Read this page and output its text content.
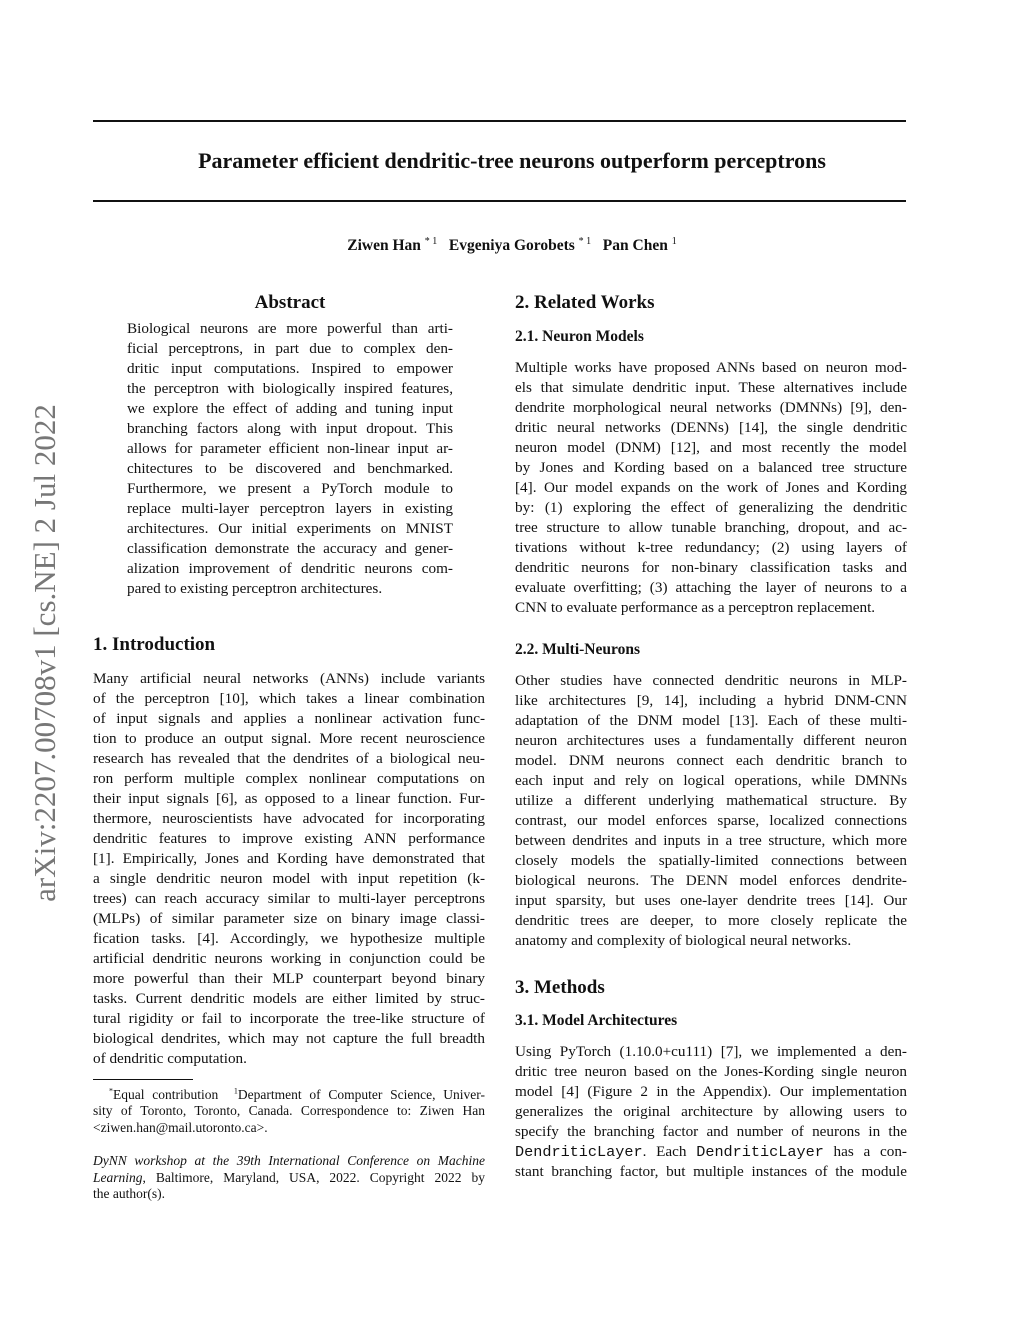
arXiv:2207.00708v1 [cs.NE] 2 Jul 2022
Parameter efficient dendritic-tree neurons outperform perceptrons
Ziwen Han $^{* 1}$ Evgeniya Gorobets $^{* 1}$ Pan Chen $^1$
Abstract
Biological neurons are more powerful than arti-
ficial perceptrons, in part due to complex den-
dritic input computations. Inspired to empower
the perceptron with biologically inspired features,
we explore the effect of adding and tuning input
branching factors along with input dropout. This
allows for parameter efficient non-linear input ar-
chitectures to be discovered and benchmarked.
Furthermore, we present a PyTorch module to
replace multi-layer perceptron layers in existing
architectures. Our initial experiments on MNIST
classification demonstrate the accuracy and gener-
alization improvement of dendritic neurons com-
pared to existing perceptron architectures.
1. Introduction
Many artificial neural networks (ANNs) include variants
of the perceptron [10], which takes a linear combination
of input signals and applies a nonlinear activation func-
tion to produce an output signal. More recent neuroscience
research has revealed that the dendrites of a biological neu-
ron perform multiple complex nonlinear computations on
their input signals [6], as opposed to a linear function. Fur-
thermore, neuroscientists have advocated for incorporating
dendritic features to improve existing ANN performance
[1]. Empirically, Jones and Kording have demonstrated that
a single dendritic neuron model with input repetition (k-
trees) can reach accuracy similar to multi-layer perceptrons
(MLPs) of similar parameter size on binary image classi-
fication tasks. [4]. Accordingly, we hypothesize multiple
artificial dendritic neurons working in conjunction could be
more powerful than their MLP counterpart beyond binary
tasks. Current dendritic models are either limited by struc-
tural rigidity or fail to incorporate the tree-like structure of
biological dendrites, which may not capture the full breadth
of dendritic computation.
*Equal contribution $^1$Department of Computer Science, Univer-
sity of Toronto, Toronto, Canada. Correspondence to: Ziwen Han
<ziwen.han@mail.utoronto.ca>.
DyNN workshop at the 39th International Conference on Machine
Learning, Baltimore, Maryland, USA, 2022. Copyright 2022 by
the author(s).
2. Related Works
2.1. Neuron Models
Multiple works have proposed ANNs based on neuron mod-
els that simulate dendritic input. These alternatives include
dendrite morphological neural networks (DMNNs) [9], den-
dritic neural networks (DENNs) [14], the single dendritic
neuron model (DNM) [12], and most recently the model
by Jones and Kording based on a balanced tree structure
[4]. Our model expands on the work of Jones and Kording
by: (1) exploring the effect of generalizing the dendritic
tree structure to allow tunable branching, dropout, and ac-
tivations without k-tree redundancy; (2) using layers of
dendritic neurons for non-binary classification tasks and
evaluate overfitting; (3) attaching the layer of neurons to a
CNN to evaluate performance as a perceptron replacement.
2.2. Multi-Neurons
Other studies have connected dendritic neurons in MLP-
like architectures [9, 14], including a hybrid DNM-CNN
adaptation of the DNM model [13]. Each of these multi-
neuron architectures uses a fundamentally different neuron
model. DNM neurons connect each dendritic branch to
each input and rely on logical operations, while DMNNs
utilize a different underlying mathematical structure. By
contrast, our model enforces sparse, localized connections
between dendrites and inputs in a tree structure, which more
closely models the spatially-limited connections between
biological neurons. The DENN model enforces dendrite-
input sparsity, but uses one-layer dendrite trees [14]. Our
dendritic trees are deeper, to more closely replicate the
anatomy and complexity of biological neural networks.
3. Methods
3.1. Model Architectures
Using PyTorch (1.10.0+cu111) [7], we implemented a den-
dritic tree neuron based on the Jones-Kording single neuron
model [4] (Figure 2 in the Appendix). Our implementation
generalizes the original architecture by allowing users to
specify the branching factor and number of neurons in the
DendriticLayer. Each DendriticLayer has a con-
stant branching factor, but multiple instances of the module
